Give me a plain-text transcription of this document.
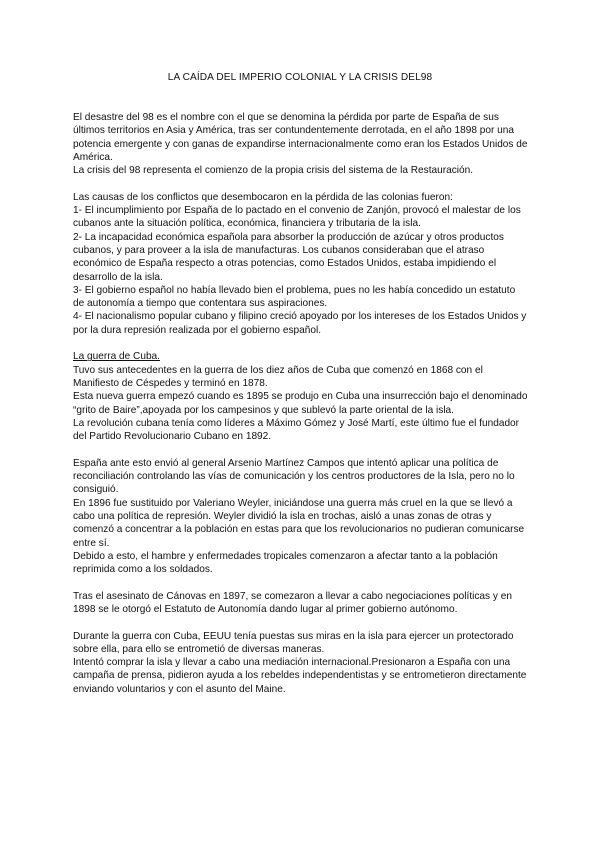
LA CAÍDA DEL IMPERIO COLONIAL Y LA CRISIS DEL98

El desastre del 98 es el nombre con el que se denomina la pérdida por parte de España de sus últimos territorios en Asia y América, tras ser contundentemente derrotada, en el año 1898 por una potencia emergente y con ganas de expandirse internacionalmente como eran los Estados Unidos de América.

La crisis del 98 representa el comienzo de la propia crisis del sistema de la Restauración.

Las causas de los conflictos que desembocaron en la pérdida de las colonias fueron:

1- El incumplimiento por España de lo pactado en el convenio de Zanjón, provocó el malestar de los cubanos ante la situación política, económica, financiera y tributaria de la isla.

2- La incapacidad económica española para absorber la producción de azúcar y otros productos cubanos, y para proveer a la isla de manufacturas. Los cubanos consideraban que el atraso económico de España respecto a otras potencias, como Estados Unidos, estaba impidiendo el desarrollo de la isla.

3- El gobierno español no había llevado bien el problema, pues no les había concedido un estatuto de autonomía a tiempo que contentara sus aspiraciones.

4- El nacionalismo popular cubano y filipino creció apoyado por los intereses de los Estados Unidos y por la dura represión realizada por el gobierno español.

La guerra de Cuba.

Tuvo sus antecedentes en la guerra de los diez años de Cuba que comenzó en 1868 con el Manifiesto de Céspedes y terminó en 1878.

Esta nueva guerra empezó cuando es 1895 se produjo en Cuba una insurrección bajo el denominado “grito de Baire”,apoyada por los campesinos y que sublevó la parte oriental de la isla.

La revolución cubana tenía como líderes a Máximo Gómez y José Martí, este último fue el fundador del Partido Revolucionario Cubano en 1892.

España ante esto envió al general Arsenio Martínez Campos que intentó aplicar una política de reconciliación controlando las vías de comunicación y los centros productores de la Isla, pero no lo consiguió.

En 1896 fue sustituido por Valeriano Weyler, iniciándose una guerra más cruel en la que se llevó a cabo una política de represión. Weyler dividió la isla en trochas, aisló a unas zonas de otras y comenzó a concentrar a la población en estas para que los revolucionarios no pudieran comunicarse entre sí.

Debido a esto, el hambre y enfermedades tropicales comenzaron a afectar tanto a la población reprimida como a los soldados.

Tras el asesinato de Cánovas en 1897, se comezaron a llevar a cabo negociaciones políticas y en 1898 se le otorgó el Estatuto de Autonomía dando lugar al primer gobierno autónomo.

Durante la guerra con Cuba, EEUU tenía puestas sus miras en la isla para ejercer un protectorado sobre ella, para ello se entrometió de diversas maneras.

Intentó comprar la isla y llevar a cabo una mediación internacional.Presionaron a España con una campaña de prensa, pidieron ayuda a los rebeldes independentistas y se entrometieron directamente enviando voluntarios y con el asunto del Maine.
